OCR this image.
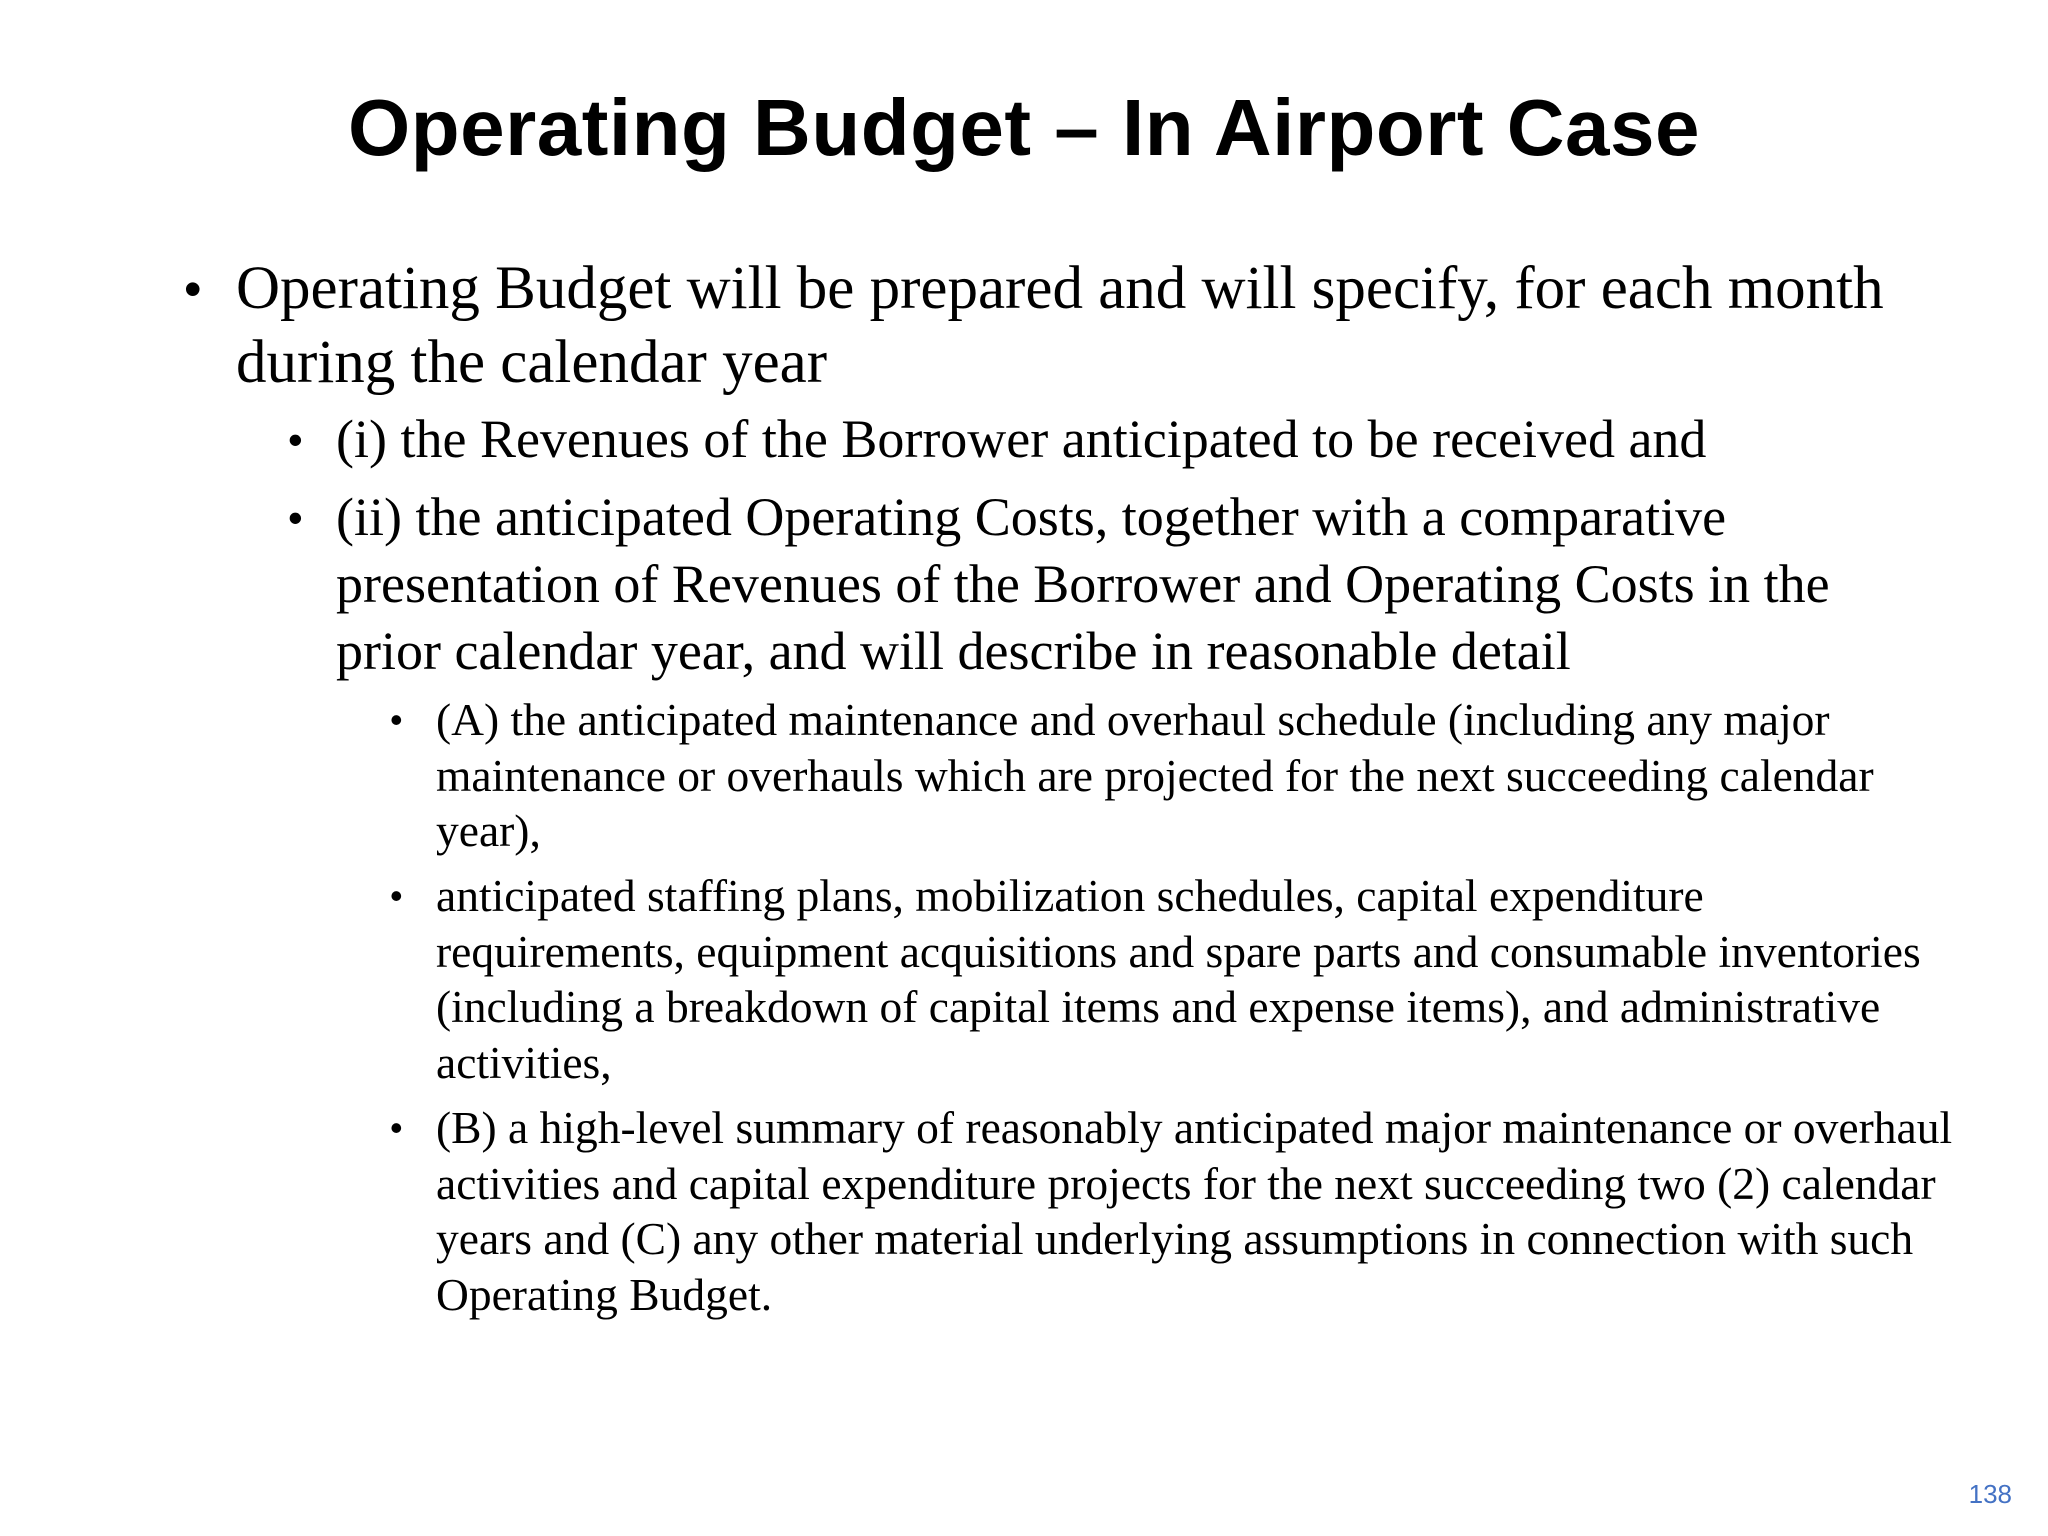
Operating Budget – In Airport Case

• Operating Budget will be prepared and will specify, for each month during the calendar year

• (i) the Revenues of the Borrower anticipated to be received and

• (ii) the anticipated Operating Costs, together with a comparative presentation of Revenues of the Borrower and Operating Costs in the prior calendar year, and will describe in reasonable detail

• (A) the anticipated maintenance and overhaul schedule (including any major maintenance or overhauls which are projected for the next succeeding calendar year),

• anticipated staffing plans, mobilization schedules, capital expenditure requirements, equipment acquisitions and spare parts and consumable inventories (including a breakdown of capital items and expense items), and administrative activities,

• (B) a high-level summary of reasonably anticipated major maintenance or overhaul activities and capital expenditure projects for the next succeeding two (2) calendar years and (C) any other material underlying assumptions in connection with such Operating Budget.

138
